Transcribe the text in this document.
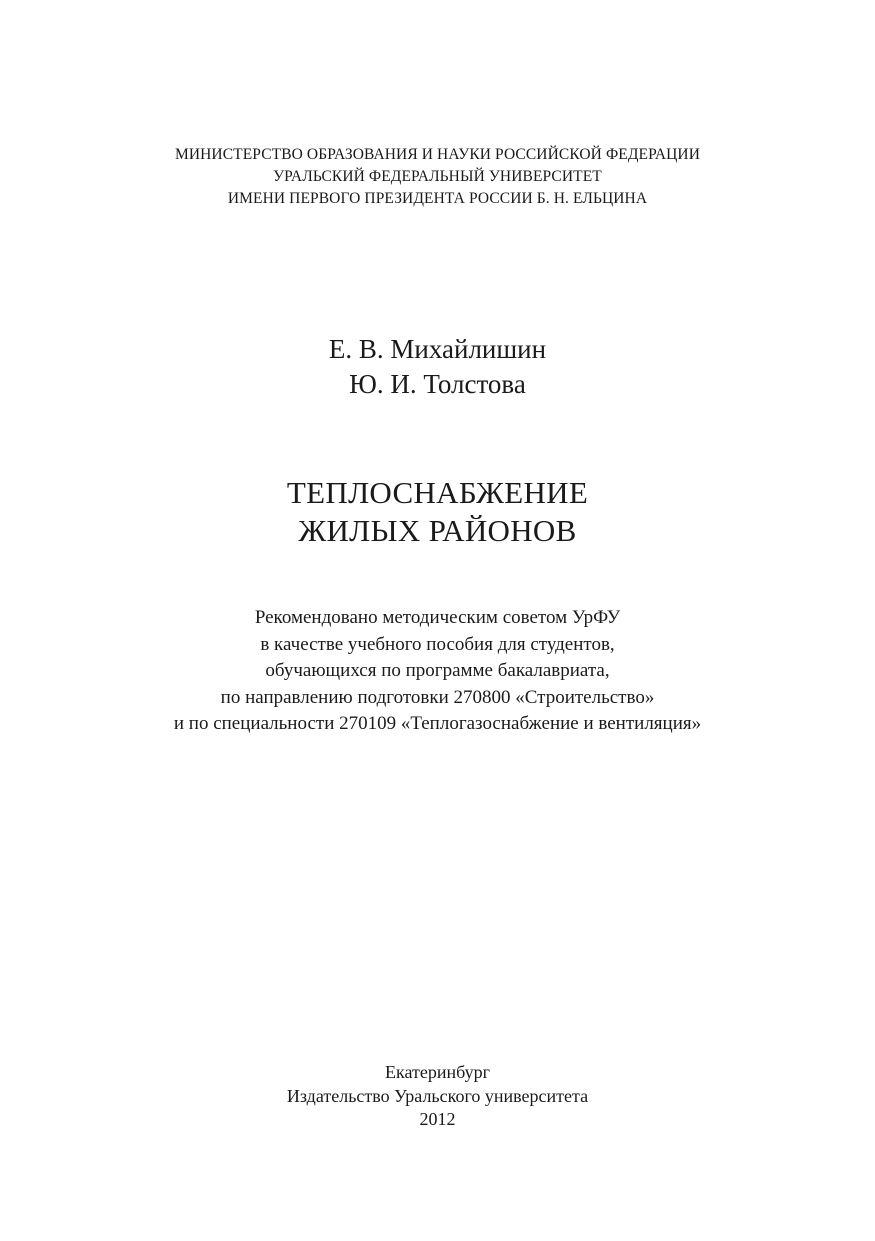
МИНИСТЕРСТВО ОБРАЗОВАНИЯ И НАУКИ РОССИЙСКОЙ ФЕДЕРАЦИИ
УРАЛЬСКИЙ ФЕДЕРАЛЬНЫЙ УНИВЕРСИТЕТ
ИМЕНИ ПЕРВОГО ПРЕЗИДЕНТА РОССИИ Б. Н. ЕЛЬЦИНА
Е. В. Михайлишин
Ю. И. Толстова
ТЕПЛОСНАБЖЕНИЕ
ЖИЛЫХ РАЙОНОВ
Рекомендовано методическим советом УрФУ
в качестве учебного пособия для студентов,
обучающихся по программе бакалавриата,
по направлению подготовки 270800 «Строительство»
и по специальности 270109 «Теплогазоснабжение и вентиляция»
Екатеринбург
Издательство Уральского университета
2012
